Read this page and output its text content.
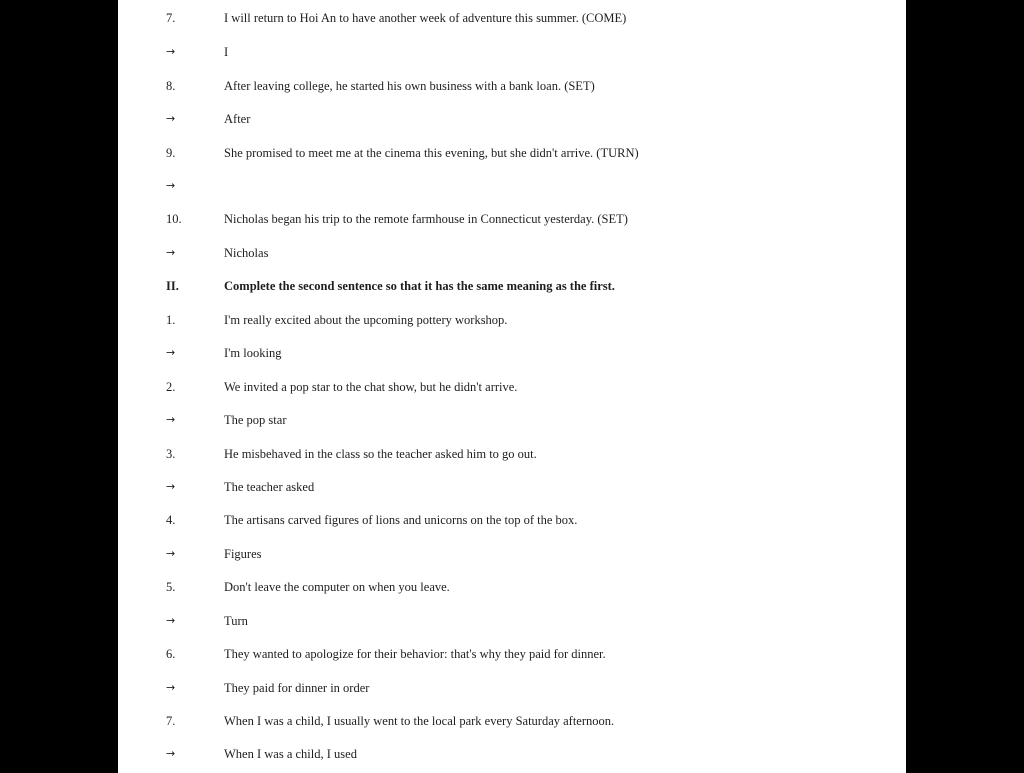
7.	I will return to Hoi An to have another week of adventure this summer. (COME)
→	I
8.	After leaving college, he started his own business with a bank loan. (SET)
→	After
9.	She promised to meet me at the cinema this evening, but she didn't arrive. (TURN)
→
10.	Nicholas began his trip to the remote farmhouse in Connecticut yesterday. (SET)
→	Nicholas
II.	Complete the second sentence so that it has the same meaning as the first.
1.	I'm really excited about the upcoming pottery workshop.
→	I'm looking
2.	We invited a pop star to the chat show, but he didn't arrive.
→	The pop star
3.	He misbehaved in the class so the teacher asked him to go out.
→	The teacher asked
4.	The artisans carved figures of lions and unicorns on the top of the box.
→	Figures
5.	Don't leave the computer on when you leave.
→	Turn
6.	They wanted to apologize for their behavior: that's why they paid for dinner.
→	They paid for dinner in order
7.	When I was a child, I usually went to the local park every Saturday afternoon.
→	When I was a child, I used
